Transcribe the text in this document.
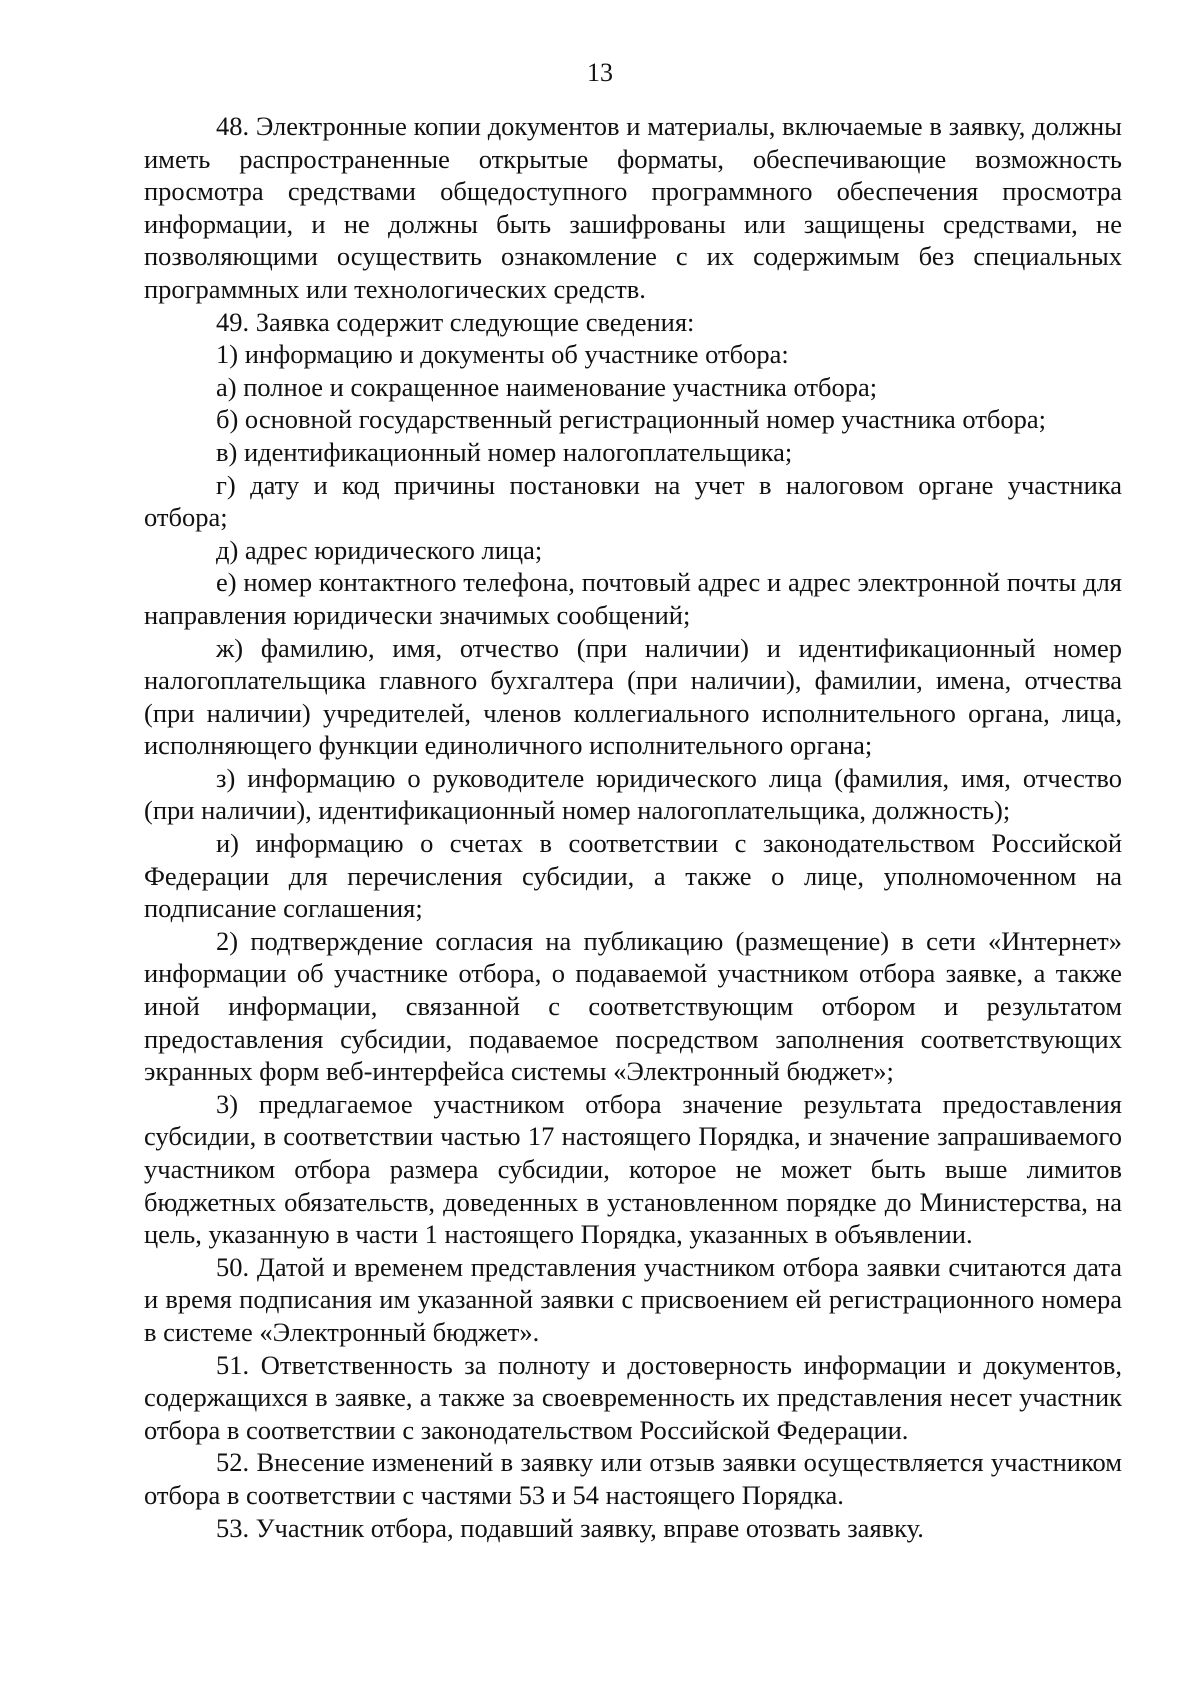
13

48. Электронные копии документов и материалы, включаемые в заявку, должны иметь распространенные открытые форматы, обеспечивающие возможность просмотра средствами общедоступного программного обеспечения просмотра информации, и не должны быть зашифрованы или защищены средствами, не позволяющими осуществить ознакомление с их содержимым без специальных программных или технологических средств.

49. Заявка содержит следующие сведения:

1) информацию и документы об участнике отбора:

а) полное и сокращенное наименование участника отбора;

б) основной государственный регистрационный номер участника отбора;

в) идентификационный номер налогоплательщика;

г) дату и код причины постановки на учет в налоговом органе участника отбора;

д) адрес юридического лица;

е) номер контактного телефона, почтовый адрес и адрес электронной почты для направления юридически значимых сообщений;

ж) фамилию, имя, отчество (при наличии) и идентификационный номер налогоплательщика главного бухгалтера (при наличии), фамилии, имена, отчества (при наличии) учредителей, членов коллегиального исполнительного органа, лица, исполняющего функции единоличного исполнительного органа;

з) информацию о руководителе юридического лица (фамилия, имя, отчество (при наличии), идентификационный номер налогоплательщика, должность);

и) информацию о счетах в соответствии с законодательством Российской Федерации для перечисления субсидии, а также о лице, уполномоченном на подписание соглашения;

2) подтверждение согласия на публикацию (размещение) в сети «Интернет» информации об участнике отбора, о подаваемой участником отбора заявке, а также иной информации, связанной с соответствующим отбором и результатом предоставления субсидии, подаваемое посредством заполнения соответствующих экранных форм веб-интерфейса системы «Электронный бюджет»;

3) предлагаемое участником отбора значение результата предоставления субсидии, в соответствии частью 17 настоящего Порядка, и значение запрашиваемого участником отбора размера субсидии, которое не может быть выше лимитов бюджетных обязательств, доведенных в установленном порядке до Министерства, на цель, указанную в части 1 настоящего Порядка, указанных в объявлении.

50. Датой и временем представления участником отбора заявки считаются дата и время подписания им указанной заявки с присвоением ей регистрационного номера в системе «Электронный бюджет».

51. Ответственность за полноту и достоверность информации и документов, содержащихся в заявке, а также за своевременность их представления несет участник отбора в соответствии с законодательством Российской Федерации.

52. Внесение изменений в заявку или отзыв заявки осуществляется участником отбора в соответствии с частями 53 и 54 настоящего Порядка.

53. Участник отбора, подавший заявку, вправе отозвать заявку.
